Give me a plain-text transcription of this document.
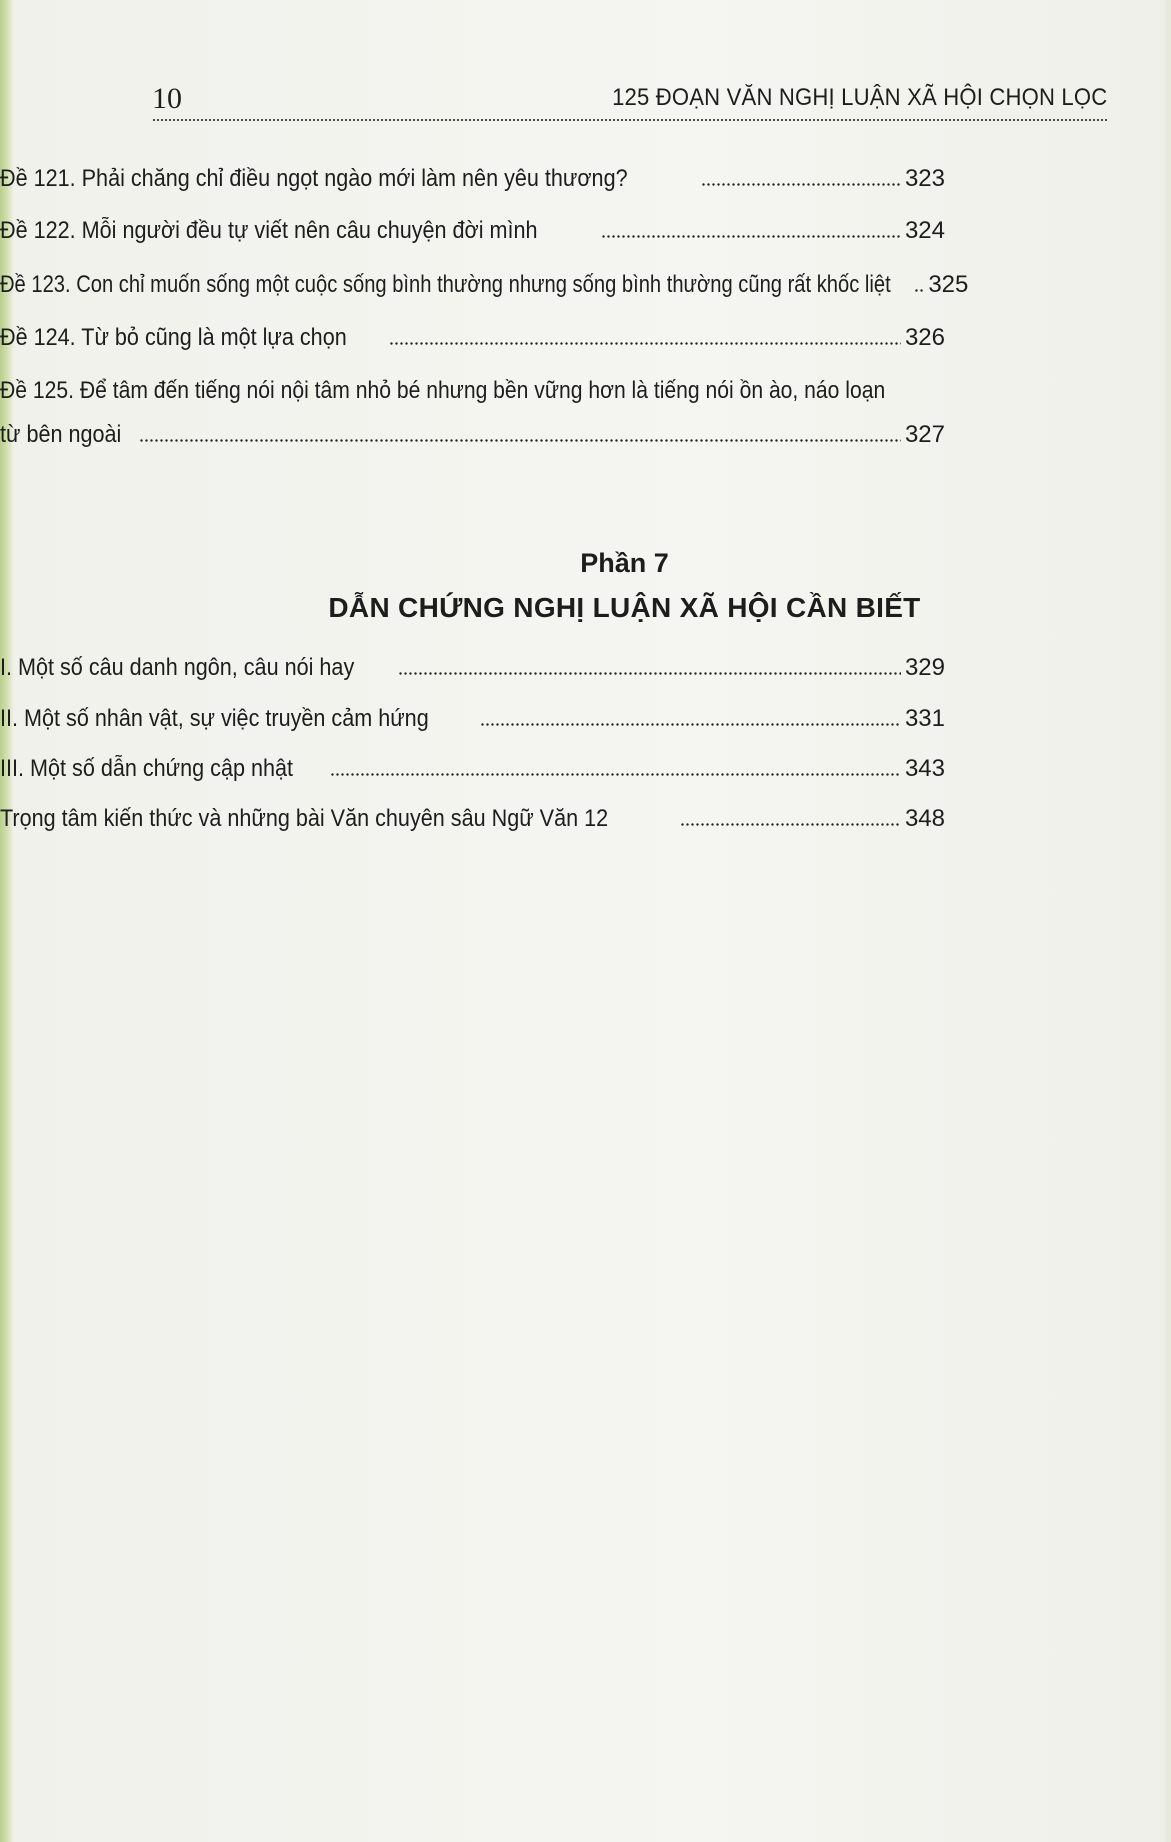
10	125 ĐOẠN VĂN NGHỊ LUẬN XÃ HỘI CHỌN LỌC
Đề 121. Phải chăng chỉ điều ngọt ngào mới làm nên yêu thương?	323
Đề 122. Mỗi người đều tự viết nên câu chuyện đời mình	324
Đề 123. Con chỉ muốn sống một cuộc sống bình thường nhưng sống bình thường cũng rất khốc liệt 325
Đề 124. Từ bỏ cũng là một lựa chọn	326
Đề 125. Để tâm đến tiếng nói nội tâm nhỏ bé nhưng bền vững hơn là tiếng nói ồn ào, náo loạn
từ bên ngoài	327
Phần 7
DẪN CHỨNG NGHỊ LUẬN XÃ HỘI CẦN BIẾT
I. Một số câu danh ngôn, câu nói hay	329
II. Một số nhân vật, sự việc truyền cảm hứng	331
III. Một số dẫn chứng cập nhật	343
Trọng tâm kiến thức và những bài Văn chuyên sâu Ngữ Văn 12	348
